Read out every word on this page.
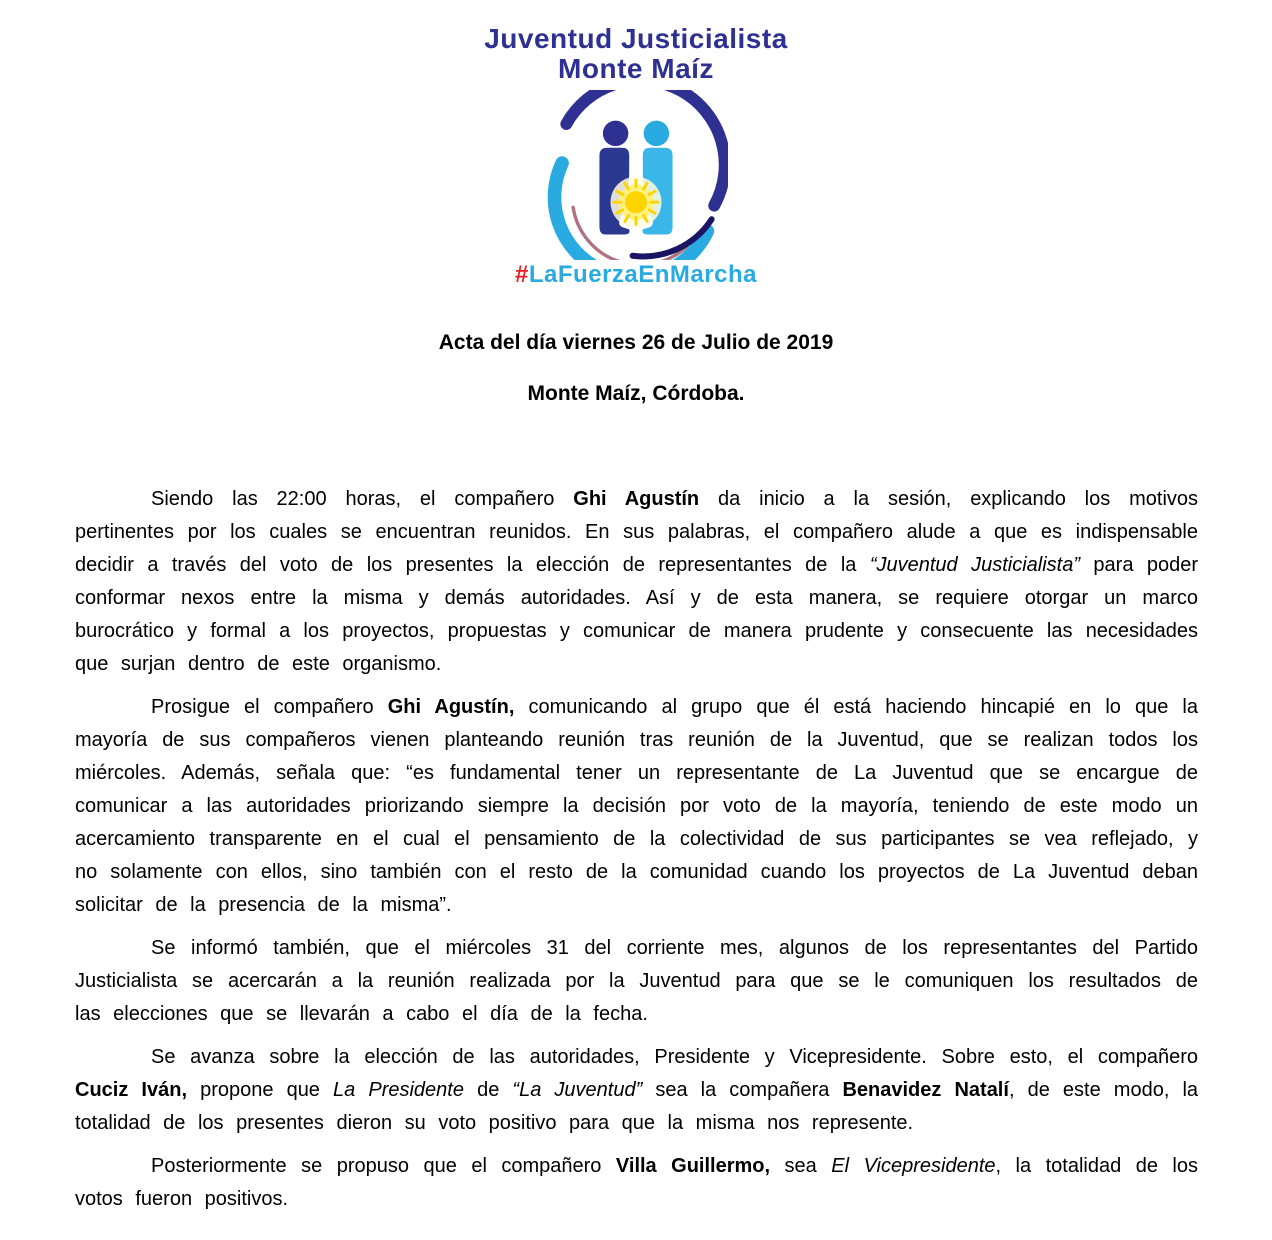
Juventud Justicialista
Monte Maíz
#LaFuerzaEnMarcha
Acta del día viernes 26 de Julio de 2019
Monte Maíz, Córdoba.

Siendo las 22:00 horas, el compañero Ghi Agustín da inicio a la sesión, explicando los motivos pertinentes por los cuales se encuentran reunidos. En sus palabras, el compañero alude a que es indispensable decidir a través del voto de los presentes la elección de representantes de la “Juventud Justicialista” para poder conformar nexos entre la misma y demás autoridades. Así y de esta manera, se requiere otorgar un marco burocrático y formal a los proyectos, propuestas y comunicar de manera prudente y consecuente las necesidades que surjan dentro de este organismo.

Prosigue el compañero Ghi Agustín, comunicando al grupo que él está haciendo hincapié en lo que la mayoría de sus compañeros vienen planteando reunión tras reunión de la Juventud, que se realizan todos los miércoles. Además, señala que: “es fundamental tener un representante de La Juventud que se encargue de comunicar a las autoridades priorizando siempre la decisión por voto de la mayoría, teniendo de este modo un acercamiento transparente en el cual el pensamiento de la colectividad de sus participantes se vea reflejado, y no solamente con ellos, sino también con el resto de la comunidad cuando los proyectos de La Juventud deban solicitar de la presencia de la misma”.

Se informó también, que el miércoles 31 del corriente mes, algunos de los representantes del Partido Justicialista se acercarán a la reunión realizada por la Juventud para que se le comuniquen los resultados de las elecciones que se llevarán a cabo el día de la fecha.

Se avanza sobre la elección de las autoridades, Presidente y Vicepresidente. Sobre esto, el compañero Cuciz Iván, propone que La Presidente de “La Juventud” sea la compañera Benavidez Natalí, de este modo, la totalidad de los presentes dieron su voto positivo para que la misma nos represente.

Posteriormente se propuso que el compañero Villa Guillermo, sea El Vicepresidente, la totalidad de los votos fueron positivos.
